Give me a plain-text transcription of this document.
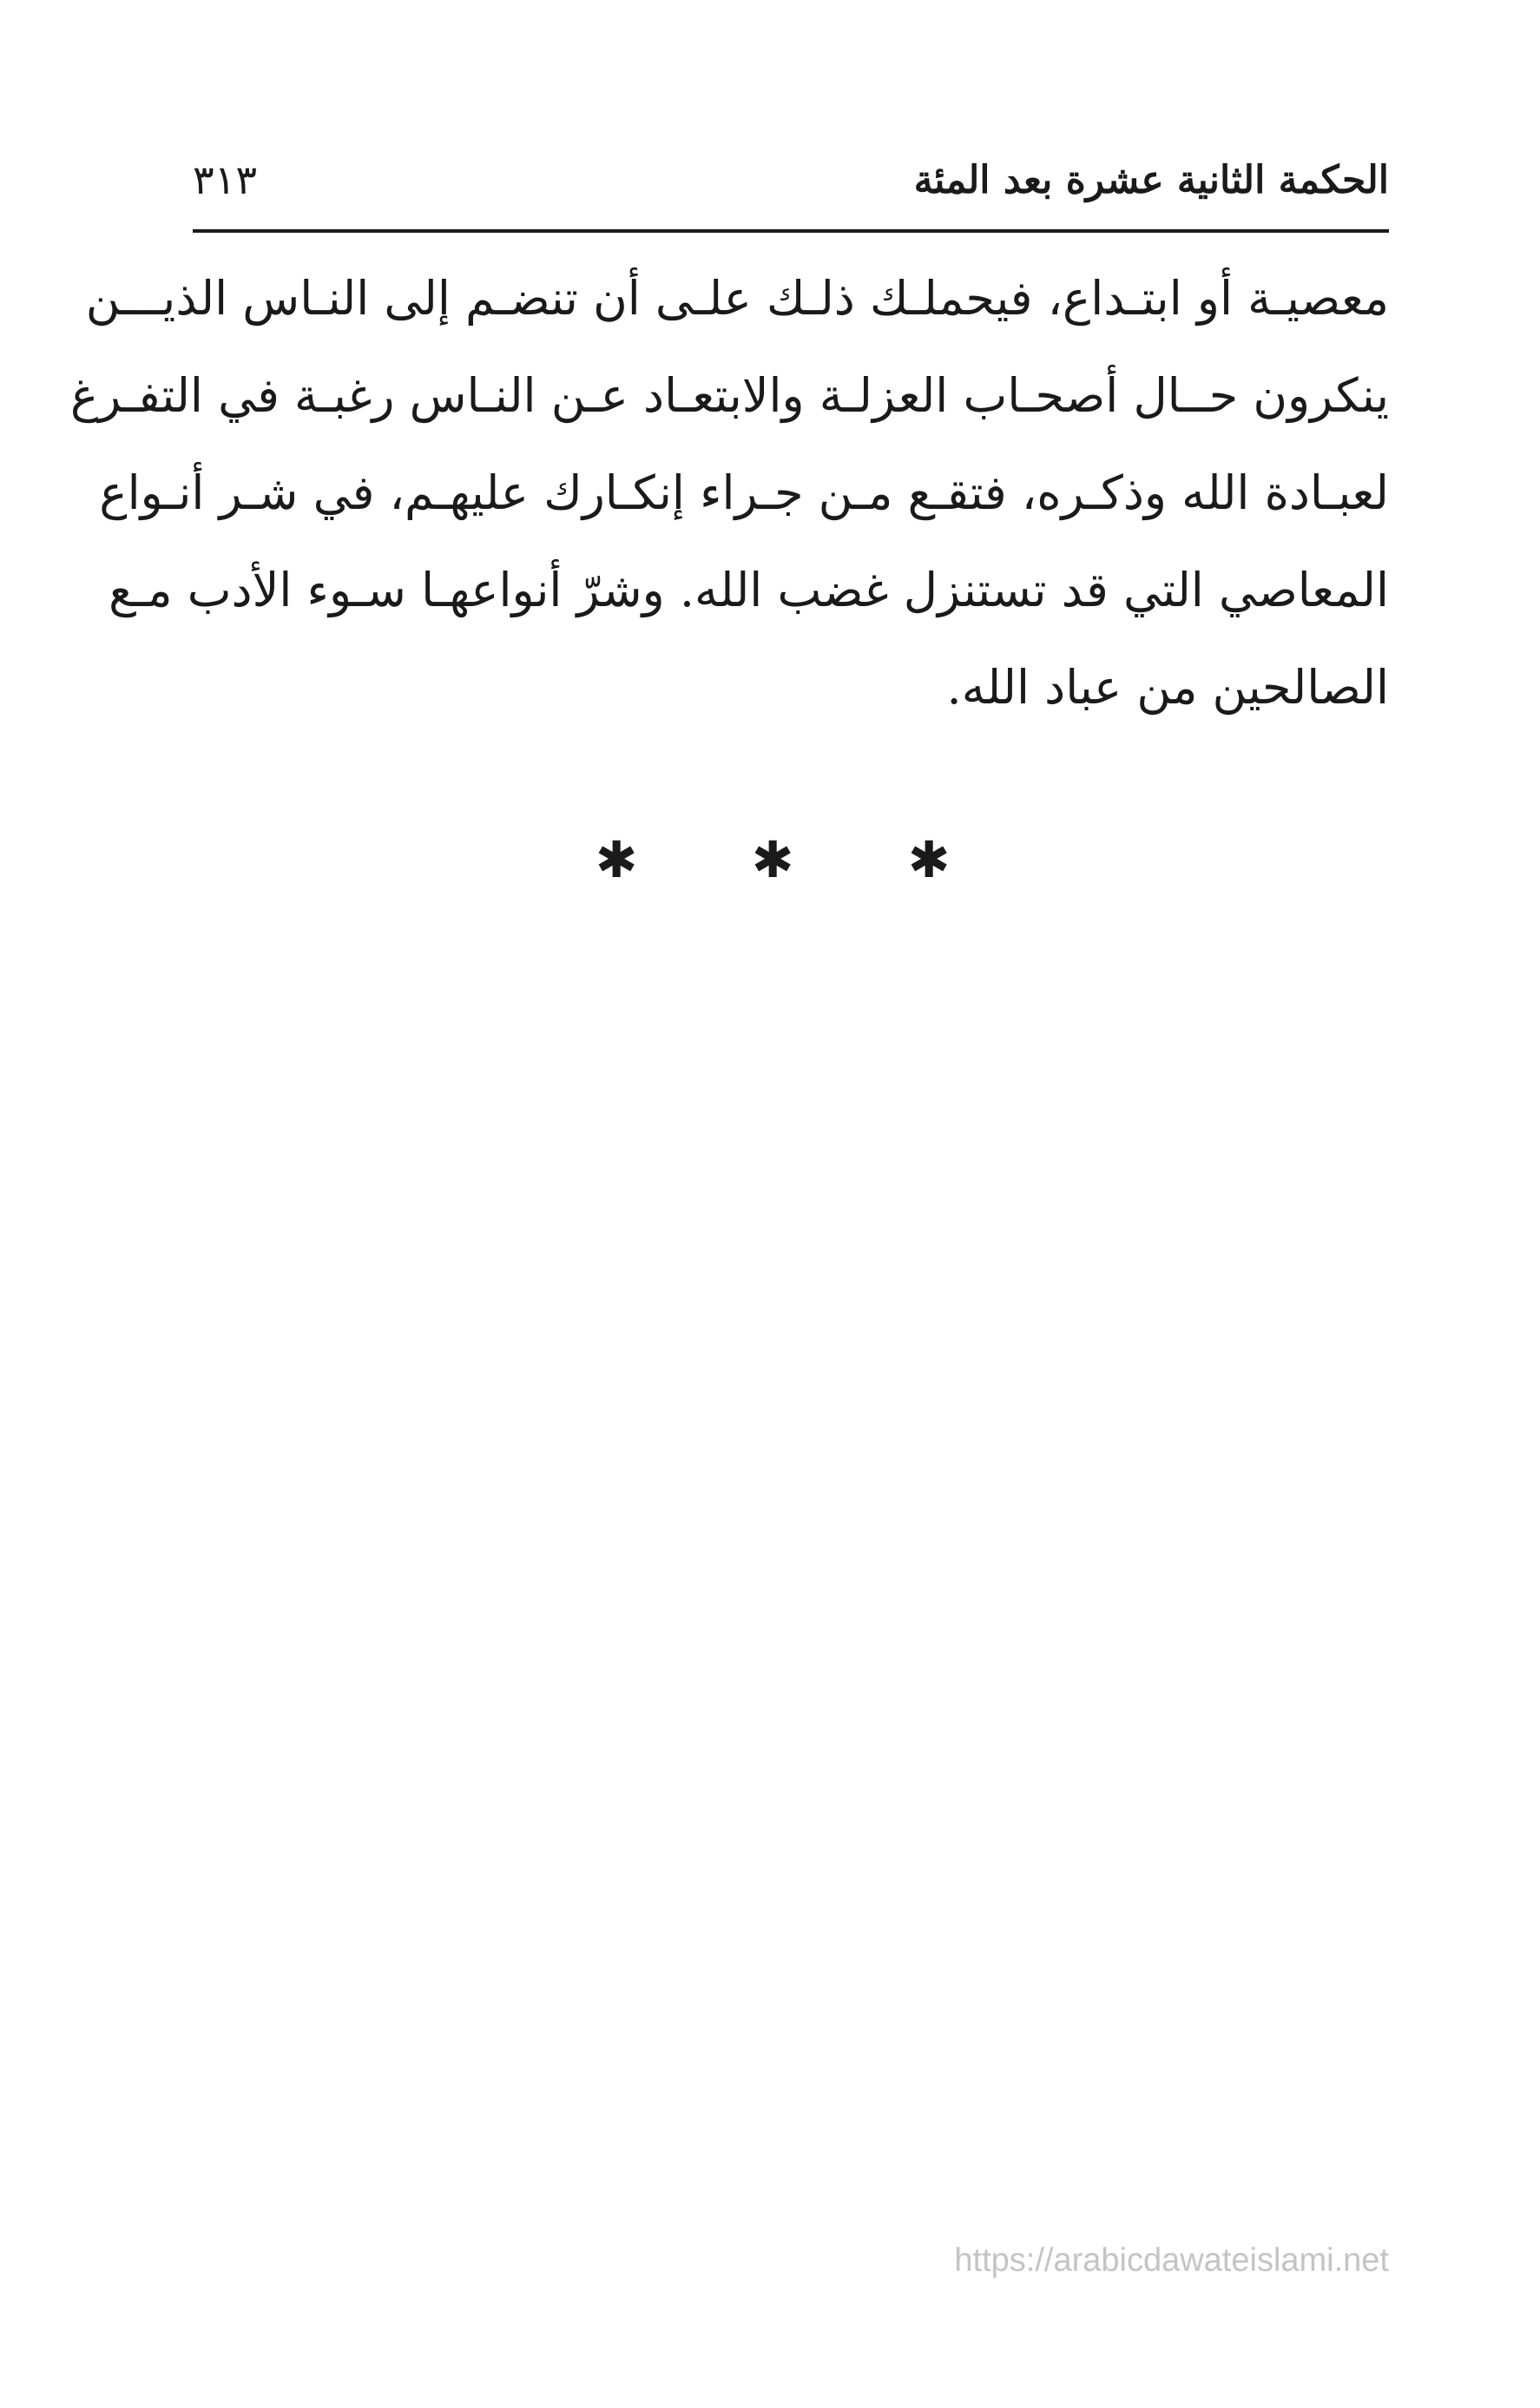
الحكمة الثانية عشرة بعد المئة
٣١٣
معصيـة أو ابتـداع، فيحملـك ذلـك علـى أن تنضـم إلى النـاس الذيـــن
ينكرون حــال أصحـاب العزلـة والابتعـاد عـن النـاس رغبـة في التفـرغ
لعبـادة الله وذكـره، فتقـع مـن جـراء إنكـارك عليهـم، في شـر أنـواع
المعاصي التي قد تستنزل غضب الله. وشرّ أنواعهـا سـوء الأدب مـع
الصالحين من عباد الله.
✱ ✱ ✱
https://arabicdawateislami.net
